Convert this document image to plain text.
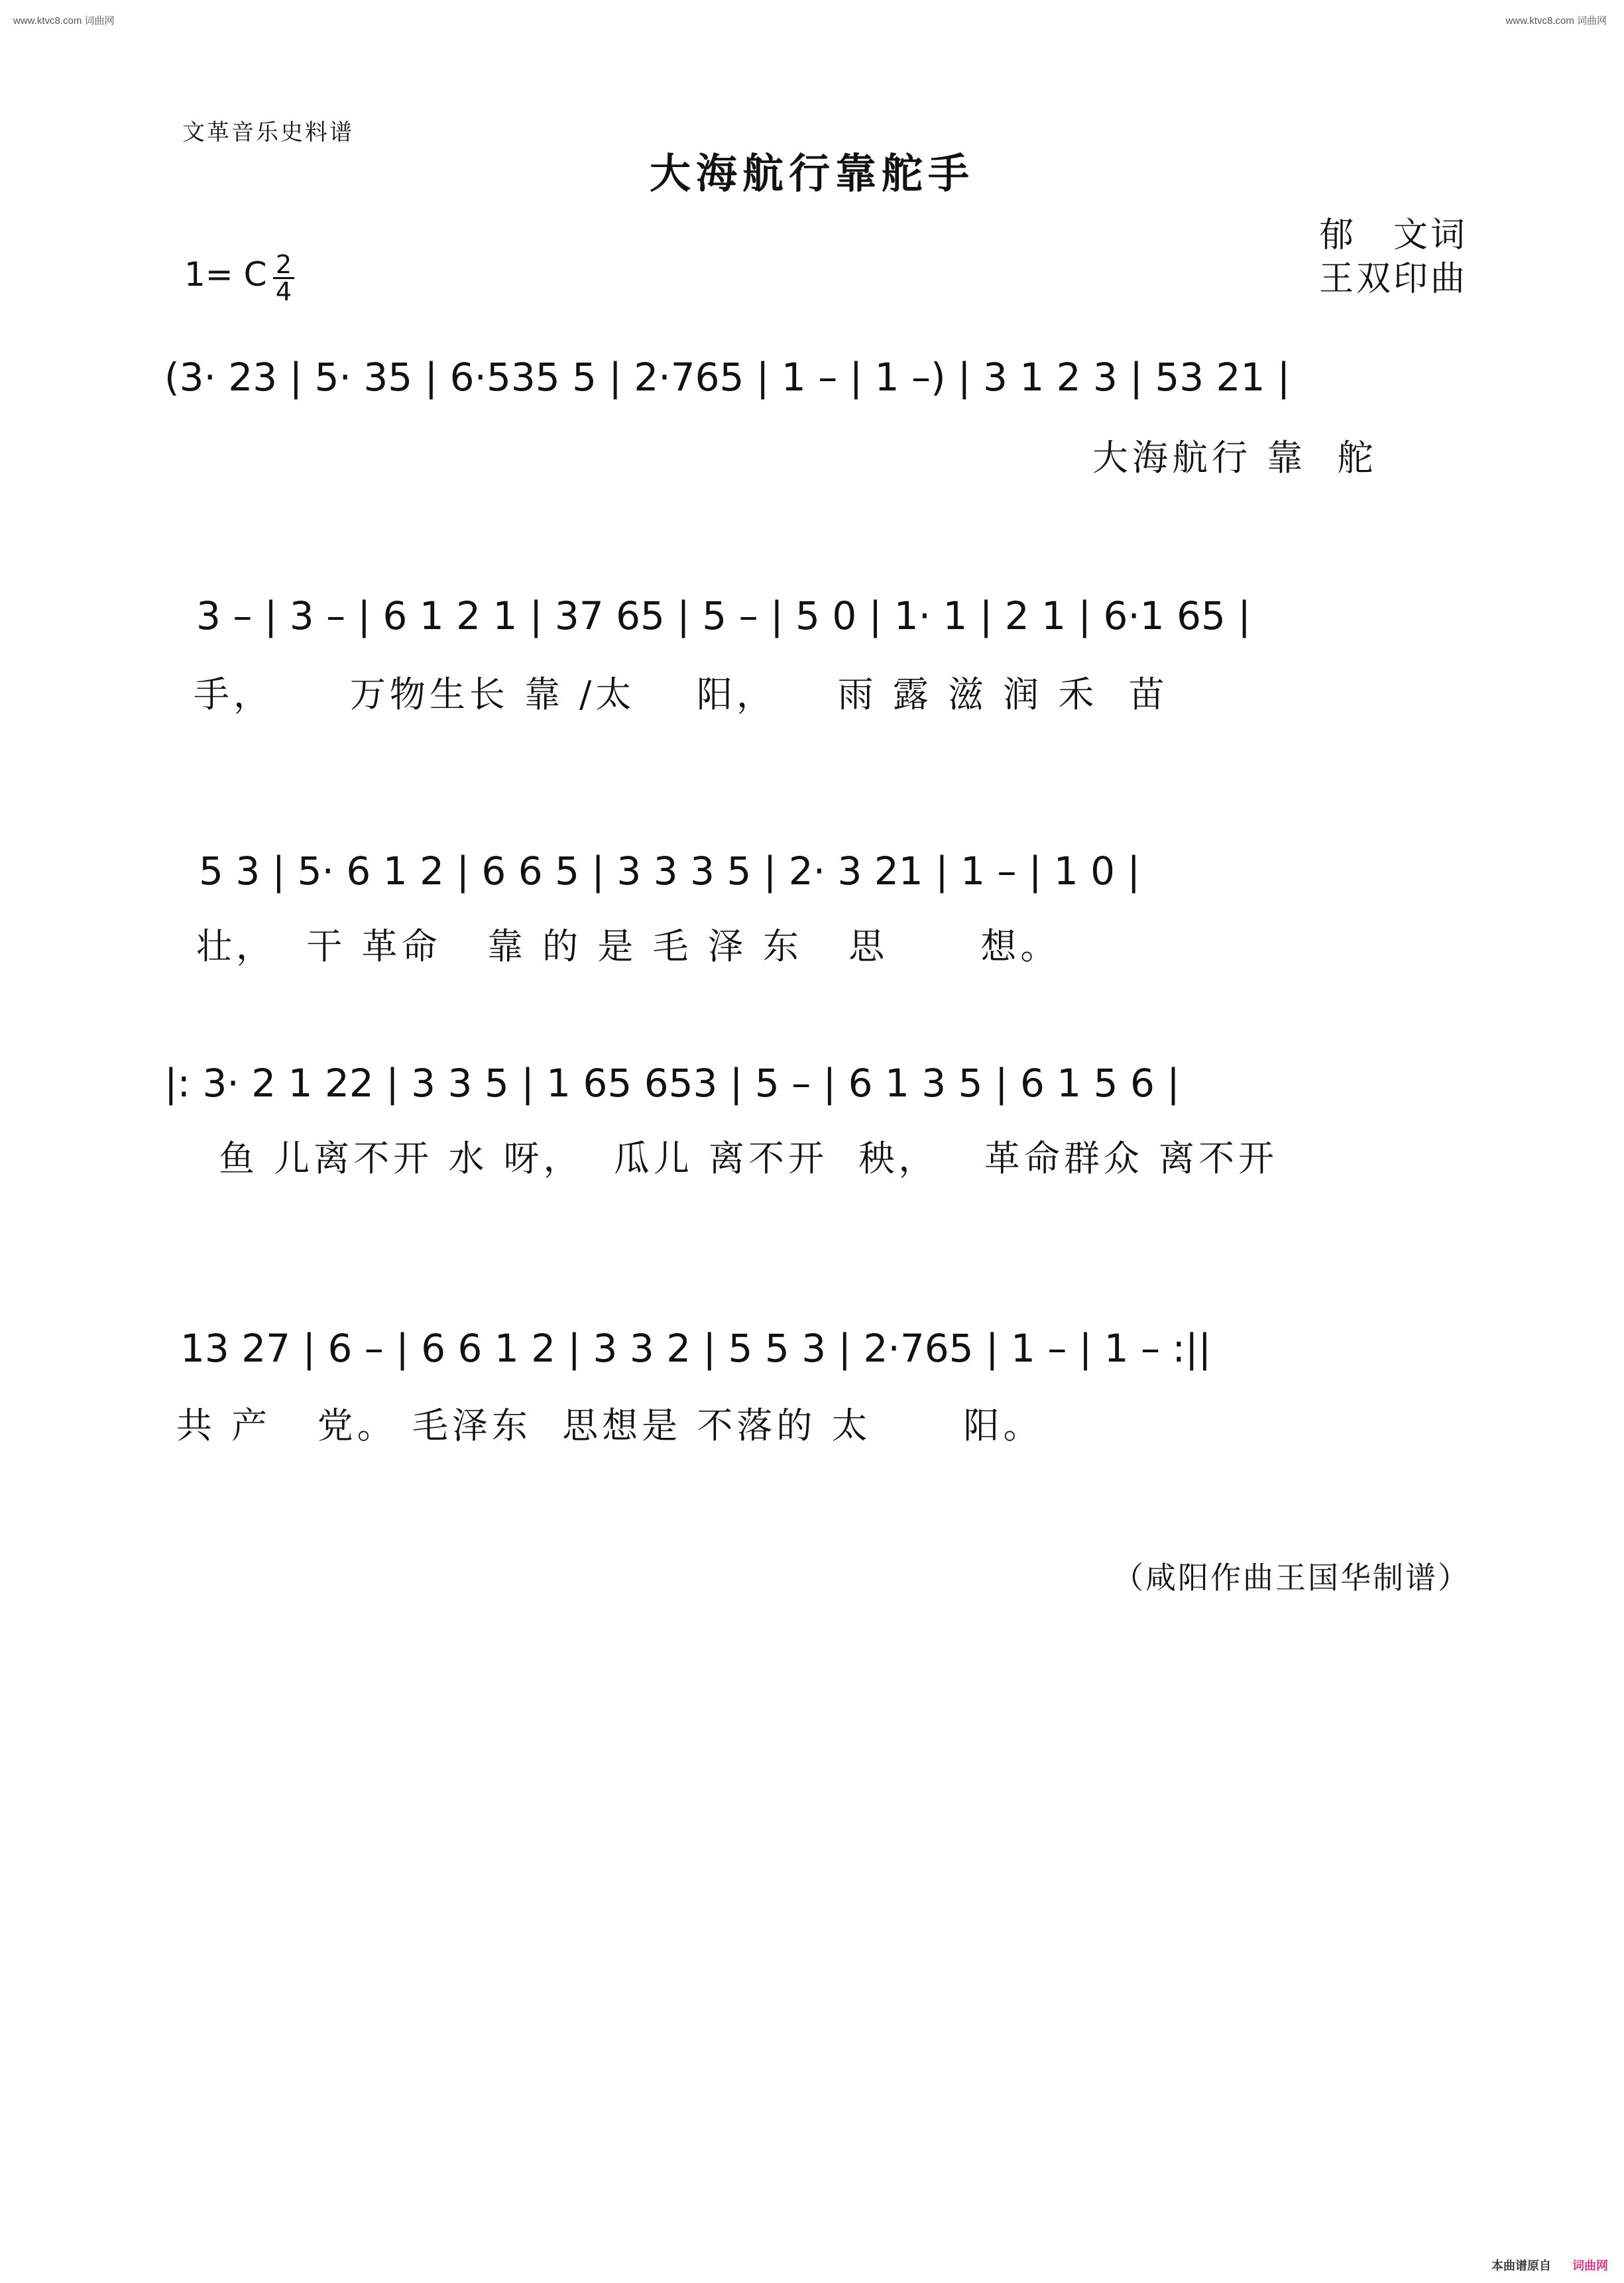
www.ktvc8.com 词曲网	www.ktvc8.com 词曲网
文革音乐史料谱
大海航行靠舵手
郁　文词
王双印曲
1= C 2
4
(3· 23 | 5· 35 | 6·535 5 | 2·765 | 1 – | 1 –) | 3 1 2 3 | 53 21 |
大海航行 靠  舵
3 – | 3 – | 6 1 2 1 | 37 65 | 5 – | 5 0 | 1· 1 | 2 1 | 6·1 65 |
手，     万物生长 靠 /太    阳，    雨 露 滋 润 禾  苗
5 3 | 5· 6 1 2 | 6 6 5 | 3 3 3 5 | 2· 3 21 | 1 – | 1 0 |
壮，  干 革命   靠 的 是 毛 泽 东   思      想。
|: 3· 2 1 22 | 3 3 5 | 1 65 653 | 5 – | 6 1 3 5 | 6 1 5 6 |
鱼 儿离不开 水 呀，  瓜儿 离不开  秧，   革命群众 离不开
13 27 | 6 – | 6 6 1 2 | 3 3 2 | 5 5 3 | 2·765 | 1 – | 1 – :||
共 产   党。 毛泽东  思想是 不落的 太      阳。
（咸阳作曲王国华制谱）
本曲谱原自 词曲网
